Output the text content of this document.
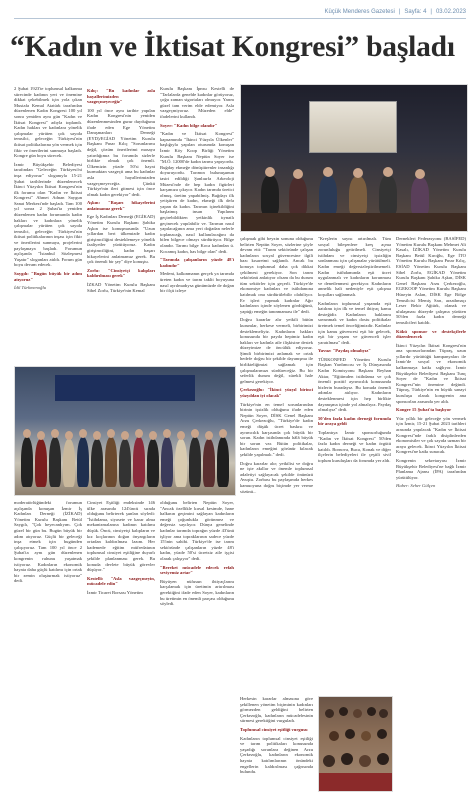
Küçük Menderes Gazetesi | Sayfa: 4 | 03.02.2023
“Kadın ve İktisat Kongresi” başladı

2 Şubat 1923'te toplumsal kalkınma sürecinde kadının yeri ve önemine dikkat çekebilmek için yola çıkan Mustafa Kemal Atatürk tarafından düzenlenen Kadın Kongresi 100 yıl sonra yeniden aynı gün "Kadın ve İktisat Kongresi" adıyla toplandı. Kadın hakları ve kadınlara yönelik çalışmalar yürüten çok sayıda temsilci, geleceğin Türkiyesi'nin iktisat politikalarına yön vermek için fikir ve önerilerini sunmaya başladı. Kongre gün boyu sürecek.

İzmir Büyükşehir Belediyesi tarafından "Geleceğin Türkiyesi'ni inşa ediyoruz" sloganıyla 15-21 Şubat tarihlerinde düzenlenecek İkinci Yüzyılın İktisat Kongresi'nin ilk forumu olan "Kadın ve İktisat Kongresi" Ahmet Adnan Saygun Sanat Merkezi'nde başladı. Tam 100 yıl sonra 2 Şubat'ta yeniden düzenlenen kadın forumunda kadın hakları ve kadınlara yönelik çalışmalar yürüten çok sayıda temsilci, geleceğin Türkiyesi'nin iktisat politikalarının inşası için fikir ve önerilerini sunmaya, projelerini paylaşmaya başladı. Forumun açılışında "İstanbul Sözleşmesi Yaşatır" sloganları atıldı. Forum gün boyu devam edecek.

Saygılı: "Bugün büyük bir adım atıyoruz"

İdil Türkmenoğlu

Kılıç: "Bu kadınlar asla hayallerimizden vazgeçmeyeceğiz"

100 yıl önce aynı tarihte yapılan Kadın Kongresi'nin yeniden düzenlenmesinden gurur duyduğunu ifade eden Ege Yönetim Danışmanları Derneği (EYD)/EGİAD Yönetim Kurulu Başkanı Pınar Kılıç "Sorunlarımı değil, çözüm önerilerimi masaya yatırdığımız bu forumda sizlerle birlikte olmak çok önemli. Ülkemizin yüzde 50'si hayat kurmaktan vazgeçti ama bu kadınlar asla hayallerimizden vazgeçmeyeceğiz. Çünkü Türkiye'nin ileri gitmesi için önce olmak kadın gerekiyor" dedi.

Aşkın: "Başarı hikayelerini anlatmamız gerek"

Ege İş Kadınları Derneği (EGİKAD) Yönetim Kurulu Başkanı Şahika Aşkın ise konuşmasında "Uzun yıllardan beri ülkemizde kadın girişimciliğini desteklemeye yönelik faaliyetler yürütüyoruz. Kadın girişimciliğini, kadın başarı hikayelerini anlatmamız gerek. Bu çok önemli bir şey" diye konuştu.

Zorlu: "Cinsiyetçi kalıpları kaldırılması gerek"

İZKAD Yönetim Kurulu Başkanı Sibel Zorlu, Türkiye'nin Kemal

Kurulu Başkanı İpnsu Kestelli de "Tarlalarda genelde kadınlar görüyoruz, çoğu zaman sigortaları olmuyor. Yarım güzel tam verim elde edemiyor. Asla vazgeçmiyoruz. Müzeden elde" ifadelerini kullandı.

Soyer: "Kadın bilge olandır"

"Kadın ve İktisat Kongresi" kapsamında "İkinci Yüzyıla Ülkenler" başlığıyla yapılan oturumda konuşan İzmir Köy Koop Birliği Yönetim Kurulu Başkanı Neptün Soyer ise "M.Ö. 12000'de kadın tarımı yapıyordu. Buğday ekmeğe dönüştürenler insanlığı doyuruyordu. Tarımın bulunuşunun tasiri edildiği Şanlıurfa Arkeoloji Müzesi'nde de hep kadın figürleri karşımıza çıkıyor. Kadın tarımda üretici olmuş, üretim yapabilmiş. Buğdayı ilk yetiştiren de kadın, ekmeği ilk defa yapan da kadın. Tarımın içinekildiğini başlatmış insan Yapılınm geçirebildikten yetkinlik tıynatlı geçinecek yapılabilir ve. Tarımın nasıl yapılacağının ama yeri doğadan nelerle toplanacağı, nasıl kullanılacağını da bilen bilgece olmayı sürdürüyor. Bilge olandır. Tarımı bilge Koca kadından ü. Kocamış kadın, has bilge olan" dedi.

"Tarımda çalışanların yüzde 48'i kadındır"

Medeni, kalkınmanın gerçek ya tarımda üreten kadın ve tarım taklit boyuyuna nasıl ayrılmadıysa günümüzde de doğan bir ölçü izleye

çalışmak gibi beyzin sonuna olduğunu belirten Neptün Soyer, sözlerine şöyle devam etti: "Tarım sektöründe çalışan kadınların sosyal güvencesine ilgili bazı kısaretmi sağlandı. Ancak bu konuya toplumsal daha çok dikkat çekilmesi gerekiyor. Son tarım sektörünü anlatıyor olsam da bu durum tüm sektörler için geçerli. Türkiye'de ekonomiye kadınları ve istihdamına katılmak ona sürdürülebilir olabiliyor. Ev işleri yapmak kadınlar Ağır kadınların içinde söylenen gördüğünü, yaptığı emeğin tanınmaması ile" dedi.

Doğru kararlar alır yetkili bütün kurumlar, herkese vermeli, birbirimizi desteklemeliyiz. Kadınların hakları konusunda bir payda hepimiz kadın hakları ve kadınla aile ilişkisine destek düzeyimize de öncülük ediyoruz. Şimdi birbirimizi anlamak ve ortak hedefe doğru bir şekilde dayanışma ile birlikteliğimizi sağlamak için çalışmalarımızı sürdüreceğiz. Bu bir seferlik durum değil, sürekli hale gelmesi gerekiyor.

Çerkezoğlu: "İkinci yüzyıl birinci yüzyıldan iyi olacak"

Türkiye'nin en temel sorunlarından birinin işsizlik olduğunu ifade eden Neptün Soyer, DİSK Genel Başkanı Arzu Çerkezoğlu, "Türkiye'de kadın emeği düşük ücret baskısı ve ayrımcılık karşısında çok büyük bir sorun. Kadın istihdamında hâlâ büyük bir sorun var. Bütün politikalar, kadınların emeğini görünür kılacak şekilde yapılmalı." dedi.

Doğru kararlar alır; yetkilisi ve doğru ne işte akıllar ve önemle toplumsal adaletiyi sağlayacak şekilde önünüzü Avuştu. Zorbası bu paylaşımda herkes kamuoyuna doğru biçimde yer verme sözünü...

"Kreşlerin sayısı artırılmalı. Tüm sosyal bileşenlere kreş açma zorunluluğu getirilmeli. Cinsiyetçi istihdam ve cinsiyetçi işsizliğin sonlanması için çalışmalar yürütülmeli. Kadın emeği değersizleştirilmemeli. Kadın istihdamında eşit ücret uygulanmalı ve kadınların korunması ve denetlenmesi gerekiyor. Kadınların annelik hali nedeniyle eşit çalışma koşulları sağlanmalı.

Kadınların toplumsal yaşamda eşit katılımı için ilk ve temel ihtiyaç kamu desteğidir. Kadınların haklarını savunmak ve kadın dostu politikalar üretmek temel önceliğimizdir. Kadınlar için kamu güvencesi eşit bir gelecek, eşit bir yaşam ve güvenceli işler yaratılması" dedi.

Yavuz: "Paydaş olmalıyız"

TÜRKONFED Yönetim Kurulu Başkan Yardımcısı ve İş Dünyasında Kadın Komisyonu Başkanı Reyhan Aktar, "Eğitimden istihdama ve çok önemli pozitif ayrımcılık konusunda bizlerin buradayız. Bu konuda önemli adımlar atılıyor. Kadınların desteklenmesi için hep birlikte dayanışma içinde yol almalıyız. Paydaş olmalıyız" dedi.

50'den fazla kadın derneği forumda bir araya geldi

Toplantıya İzmir sponsorluğunda "Kadın ve İktisat Kongresi" 50'den fazla kadın derneği ve kadın örgütü katıldı. Bornova, Buca, Konak ve diğer ilçelerin belediyeleri ile çeşitli sivil toplum kuruluşları da forumda yer aldı.

Dernekleri Federasyonu (BASİFED) Yönetim Kurulu Başkanı Mehmet Ali Kasalı, İZİKAD Yönetim Kurulu Başkanı Betül Kıroğlu, Ege İTO Yönetim Kurulu Başkanı Pınar Kılıç, ESİAD Yönetim Kurulu Başkanı Sibel Zorlu, EGİKAD Yönetim Kurulu Başkanı Şahika Aşkın, DİSK Genel Başkanı Arzu Çerkezoğlu, EGEKOOP Yönetim Kurulu Başkanı Hüseyin Aslan, DİSK Ege Bölge Temsilcisi Memiş Sarı, arzathmaçı Leser Bekir Ağtürk, olanak ve ululaşması düzeyde çalışma yürüten 50'den fazla kadın derneği temsilcileri katıldı.

Kökü sponsor ve destekçilerle düzenlenecek

İkinci Yüzyılın İktisat Kongresi'nin ana sponsorlarından Tüpraş, uzun yıllardır yürüttüğü kampanyaları ile İzmir'de sosyal ve ekonomik kalkınmaya katkı sağlıyor. İzmir Büyükşehir Belediyesi Başkanı Tunç Soyer de "Kadın ve İktisat Kongresi"nin önemine değindi. Tüpraş, Türkiye'nin en büyük sanayi kuruluşu olarak kongrenin ana sponsorları arasında yer aldı.

Kongre 15 Şubat'ta başlıyor

Yüz yıllık bir geleceğe yön vermek için İzmir, 15-21 Şubat 2023 tarihleri arasında yapılacak "Kadın ve İktisat Kongresi"nde farklı disiplinlerden ekonomistler ve çok sayıda uzman bir araya gelecek. İkinci Yüzyılın İktisat Kongresi'ne katkı sunacak.

Kongrenin sekretaryası İzmir Büyükşehir Belediyesi'ne bağlı İzmir Planlama Ajansı (İPA) tarafından yürütülüyor.

Haber: Seher Gülçen

moderatörlüğündeki forumun açılışında konuşan İzmir İş Kadınları Derneği (İZİKAD) Yönetim Kurulu Başkanı Betül Saygılı, "Çok heyecanlıyım. Çok güzel bir gün bu. Bugün büyük bir adım atıyoruz. Güçlü bir geleceği inşa etmek için bugünden çalışıyoruz. Tam 100 yıl önce 2 Şubat'ta aynı gün düzenlenen kongrenin ruhunu yaşatmak istiyoruz. Kadınların ekonomik hayata daha güçlü katılımı için ortak bir zemin oluşturmak istiyoruz" dedi.

Cinsiyet Eşitliği endeksinde 146 ülke arasında 124'üncü sırada olduğunu belirterek şunları söyledi: "İstihdama, siyasete ve karar alma mekanizmalarına kadının katılımı düşük. Öncü, cinsiyetçi kalıpların ve kız koçlarının doğan önyargıların ortadan kaldırılması lazım. Her kademede eğitim müfredatının toplumsal cinsiyet eşitliğine duyarlı şekilde planlanması gerek. Bu konuda devlete büyük görevler düşüyor."

Kestelli: "Asla vazgeçmeyin, mücadele edin"

İzmir Ticaret Borsası Yönetim

olduğunu belirten Neptün Soyer, "Ancak özellikle kırsal kesimde, hane halkının geçimini sağlayan kadınların emeği çoğunlukla görünmez ve değersiz sayılıyor. Dünya genelinde kadınlar tarımda toprağın yüzde 43'ünü işliyor ama topraklarının sadece yüzde 15'inin sahibi. Türkiye'de ise tarım sektöründe çalışanların yüzde 48'i kadın, yüzde 50'si ücretsiz aile işçisi olarak çalışıyor" dedi.

"Bereket mücadele edecek refah seviyemiz artar"

Büyüyen nüfusun ihtiyaçlarını karşılamak için üretimin artırılması gerektiğini ifade eden Soyer, kadınların bu üretimin en önemli parçası olduğunu söyledi.

Herkesin kararlar almasına göre şekillenen yönetim biçiminin kadınları görmezden geldiğini belirten Çerkezoğlu, kadınların mücadelesinin sürmesi gerektiğini vurguladı.

Toplumsal cinsiyet eşitliği vurgusu

Kadınların toplumsal cinsiyet eşitliği ve tarım politikaları konusunda yaşadığı sorunlara değinen Arzu Çerkezoğlu, kadınların ekonomik hayata katılımlarının önündeki engellerin kaldırılması çağrısında bulundu.
